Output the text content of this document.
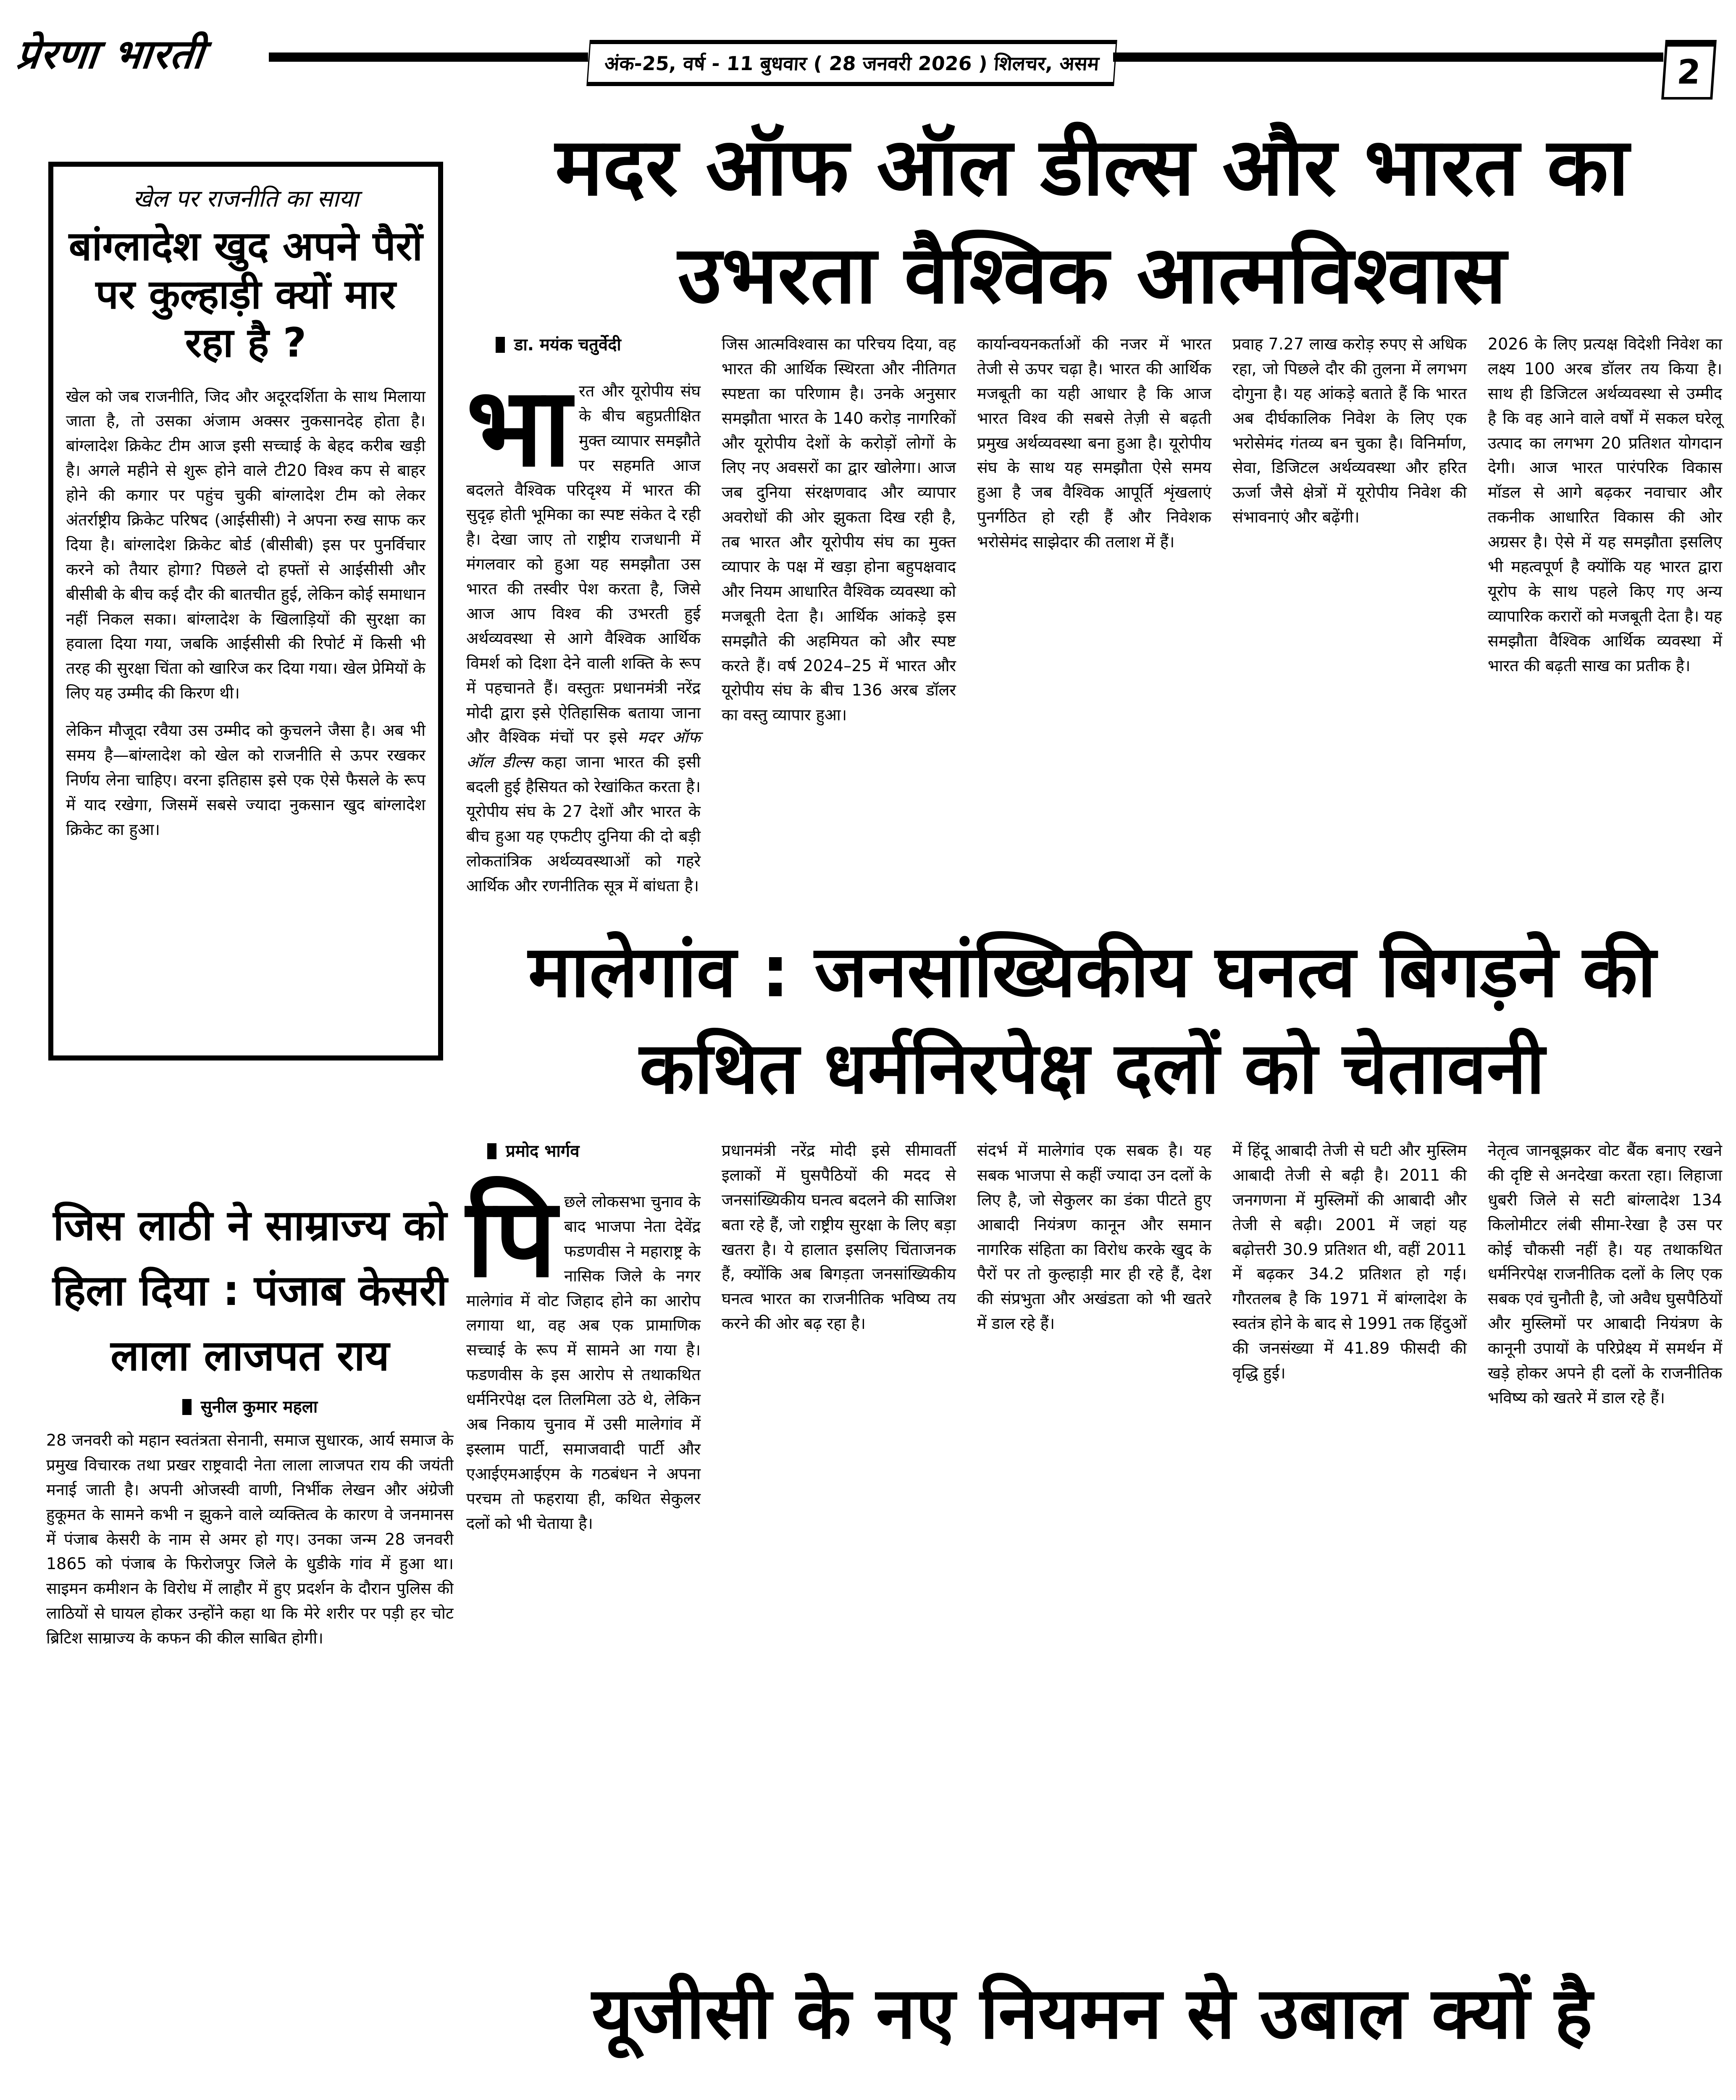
प्रेरणा भारती	अंक-25, वर्ष - 11 बुधवार ( 28 जनवरी 2026 ) शिलचर, असम	2
खेल पर राजनीति का साया
बांग्लादेश खुद अपने पैरों पर कुल्हाड़ी क्यों मार रहा है ?

खेल को जब राजनीति, जिद और अदूरदर्शिता के साथ मिलाया जाता है, तो उसका अंजाम अक्सर नुकसानदेह होता है। बांग्लादेश क्रिकेट टीम आज इसी सच्चाई के बेहद करीब खड़ी है। अगले महीने से शुरू होने वाले टी20 विश्व कप से बाहर होने की कगार पर पहुंच चुकी बांग्लादेश टीम को लेकर अंतर्राष्ट्रीय क्रिकेट परिषद (आईसीसी) ने अपना रुख साफ कर दिया है। बांग्लादेश क्रिकेट बोर्ड (बीसीबी) इस पर पुनर्विचार करने को तैयार होगा? पिछले दो हफ्तों से आईसीसी और बीसीबी के बीच कई दौर की बातचीत हुई, लेकिन कोई समाधान नहीं निकल सका। बांग्लादेश के खिलाड़ियों की सुरक्षा का हवाला दिया गया, जबकि आईसीसी की रिपोर्ट में किसी भी तरह की सुरक्षा चिंता को खारिज कर दिया गया। खेल प्रेमियों के लिए यह उम्मीद की किरण थी।

लेकिन मौजूदा रवैया उस उम्मीद को कुचलने जैसा है। अब भी समय है—बांग्लादेश को खेल को राजनीति से ऊपर रखकर निर्णय लेना चाहिए। वरना इतिहास इसे एक ऐसे फैसले के रूप में याद रखेगा, जिसमें सबसे ज्यादा नुकसान खुद बांग्लादेश क्रिकेट का हुआ।

जिस लाठी ने साम्राज्य को हिला दिया : पंजाब केसरी लाला लाजपत राय
सुनील कुमार महला

28 जनवरी को महान स्वतंत्रता सेनानी, समाज सुधारक, आर्य समाज के प्रमुख विचारक तथा प्रखर राष्ट्रवादी नेता लाला लाजपत राय की जयंती मनाई जाती है। अपनी ओजस्वी वाणी, निर्भीक लेखन और अंग्रेजी हुकूमत के सामने कभी न झुकने वाले व्यक्तित्व के कारण वे जनमानस में पंजाब केसरी के नाम से अमर हो गए। उनका जन्म 28 जनवरी 1865 को पंजाब के फिरोजपुर जिले के धुडीके गांव में हुआ था। साइमन कमीशन के विरोध में लाहौर में हुए प्रदर्शन के दौरान पुलिस की लाठियों से घायल होकर उन्होंने कहा था कि मेरे शरीर पर पड़ी हर चोट ब्रिटिश साम्राज्य के कफन की कील साबित होगी।

मदर ऑफ ऑल डील्स और भारत का उभरता वैश्विक आत्मविश्वास
डा. मयंक चतुर्वेदी
भा रत और यूरोपीय संघ के बीच बहुप्रतीक्षित मुक्त व्यापार समझौते पर सहमति आज बदलते वैश्विक परिदृश्य में भारत की सुदृढ़ होती भूमिका का स्पष्ट संकेत दे रही है। देखा जाए तो राष्ट्रीय राजधानी में मंगलवार को हुआ यह समझौता उस भारत की तस्वीर पेश करता है, जिसे आज आप विश्व की उभरती हुई अर्थव्यवस्था से आगे वैश्विक आर्थिक विमर्श को दिशा देने वाली शक्ति के रूप में पहचानते हैं। वस्तुतः प्रधानमंत्री नरेंद्र मोदी द्वारा इसे ऐतिहासिक बताया जाना और वैश्विक मंचों पर इसे मदर ऑफ ऑल डील्स कहा जाना भारत की इसी बदली हुई हैसियत को रेखांकित करता है। यूरोपीय संघ के 27 देशों और भारत के बीच हुआ यह एफटीए दुनिया की दो बड़ी लोकतांत्रिक अर्थव्यवस्थाओं को गहरे आर्थिक और रणनीतिक सूत्र में बांधता है।
जिस आत्मविश्वास का परिचय दिया, वह भारत की आर्थिक स्थिरता और नीतिगत स्पष्टता का परिणाम है। उनके अनुसार समझौता भारत के 140 करोड़ नागरिकों और यूरोपीय देशों के करोड़ों लोगों के लिए नए अवसरों का द्वार खोलेगा। आज जब दुनिया संरक्षणवाद और व्यापार अवरोधों की ओर झुकता दिख रही है, तब भारत और यूरोपीय संघ का मुक्त व्यापार के पक्ष में खड़ा होना बहुपक्षवाद और नियम आधारित वैश्विक व्यवस्था को मजबूती देता है। आर्थिक आंकड़े इस समझौते की अहमियत को और स्पष्ट करते हैं। वर्ष 2024–25 में भारत और यूरोपीय संघ के बीच 136 अरब डॉलर का वस्तु व्यापार हुआ।
कार्यान्वयनकर्ताओं की नजर में भारत तेजी से ऊपर चढ़ा है। भारत की आर्थिक मजबूती का यही आधार है कि आज भारत विश्व की सबसे तेज़ी से बढ़ती प्रमुख अर्थव्यवस्था बना हुआ है। यूरोपीय संघ के साथ यह समझौता ऐसे समय हुआ है जब वैश्विक आपूर्ति शृंखलाएं पुनर्गठित हो रही हैं और निवेशक भरोसेमंद साझेदार की तलाश में हैं।
प्रवाह 7.27 लाख करोड़ रुपए से अधिक रहा, जो पिछले दौर की तुलना में लगभग दोगुना है। यह आंकड़े बताते हैं कि भारत अब दीर्घकालिक निवेश के लिए एक भरोसेमंद गंतव्य बन चुका है। विनिर्माण, सेवा, डिजिटल अर्थव्यवस्था और हरित ऊर्जा जैसे क्षेत्रों में यूरोपीय निवेश की संभावनाएं और बढ़ेंगी।
2026 के लिए प्रत्यक्ष विदेशी निवेश का लक्ष्य 100 अरब डॉलर तय किया है। साथ ही डिजिटल अर्थव्यवस्था से उम्मीद है कि वह आने वाले वर्षों में सकल घरेलू उत्पाद का लगभग 20 प्रतिशत योगदान देगी। आज भारत पारंपरिक विकास मॉडल से आगे बढ़कर नवाचार और तकनीक आधारित विकास की ओर अग्रसर है। ऐसे में यह समझौता इसलिए भी महत्वपूर्ण है क्योंकि यह भारत द्वारा यूरोप के साथ पहले किए गए अन्य व्यापारिक करारों को मजबूती देता है। यह समझौता वैश्विक आर्थिक व्यवस्था में भारत की बढ़ती साख का प्रतीक है।
मालेगांव : जनसांख्यिकीय घनत्व बिगड़ने की कथित धर्मनिरपेक्ष दलों को चेतावनी
प्रमोद भार्गव
पि छले लोकसभा चुनाव के बाद भाजपा नेता देवेंद्र फडणवीस ने महाराष्ट्र के नासिक जिले के नगर मालेगांव में वोट जिहाद होने का आरोप लगाया था, वह अब एक प्रामाणिक सच्चाई के रूप में सामने आ गया है। फडणवीस के इस आरोप से तथाकथित धर्मनिरपेक्ष दल तिलमिला उठे थे, लेकिन अब निकाय चुनाव में उसी मालेगांव में इस्लाम पार्टी, समाजवादी पार्टी और एआईएमआईएम के गठबंधन ने अपना परचम तो फहराया ही, कथित सेकुलर दलों को भी चेताया है।
प्रधानमंत्री नरेंद्र मोदी इसे सीमावर्ती इलाकों में घुसपैठियों की मदद से जनसांख्यिकीय घनत्व बदलने की साजिश बता रहे हैं, जो राष्ट्रीय सुरक्षा के लिए बड़ा खतरा है। ये हालात इसलिए चिंताजनक हैं, क्योंकि अब बिगड़ता जनसांख्यिकीय घनत्व भारत का राजनीतिक भविष्य तय करने की ओर बढ़ रहा है।
संदर्भ में मालेगांव एक सबक है। यह सबक भाजपा से कहीं ज्यादा उन दलों के लिए है, जो सेकुलर का डंका पीटते हुए आबादी नियंत्रण कानून और समान नागरिक संहिता का विरोध करके खुद के पैरों पर तो कुल्हाड़ी मार ही रहे हैं, देश की संप्रभुता और अखंडता को भी खतरे में डाल रहे हैं।
में हिंदू आबादी तेजी से घटी और मुस्लिम आबादी तेजी से बढ़ी है। 2011 की जनगणना में मुस्लिमों की आबादी और तेजी से बढ़ी। 2001 में जहां यह बढ़ोत्तरी 30.9 प्रतिशत थी, वहीं 2011 में बढ़कर 34.2 प्रतिशत हो गई। गौरतलब है कि 1971 में बांग्लादेश के स्वतंत्र होने के बाद से 1991 तक हिंदुओं की जनसंख्या में 41.89 फीसदी की वृद्धि हुई।
नेतृत्व जानबूझकर वोट बैंक बनाए रखने की दृष्टि से अनदेखा करता रहा। लिहाजा धुबरी जिले से सटी बांग्लादेश 134 किलोमीटर लंबी सीमा-रेखा है उस पर कोई चौकसी नहीं है। यह तथाकथित धर्मनिरपेक्ष राजनीतिक दलों के लिए एक सबक एवं चुनौती है, जो अवैध घुसपैठियों और मुस्लिमों पर आबादी नियंत्रण के कानूनी उपायों के परिप्रेक्ष्य में समर्थन में खड़े होकर अपने ही दलों के राजनीतिक भविष्य को खतरे में डाल रहे हैं।
यूजीसी के नए नियमन से उबाल क्यों है
